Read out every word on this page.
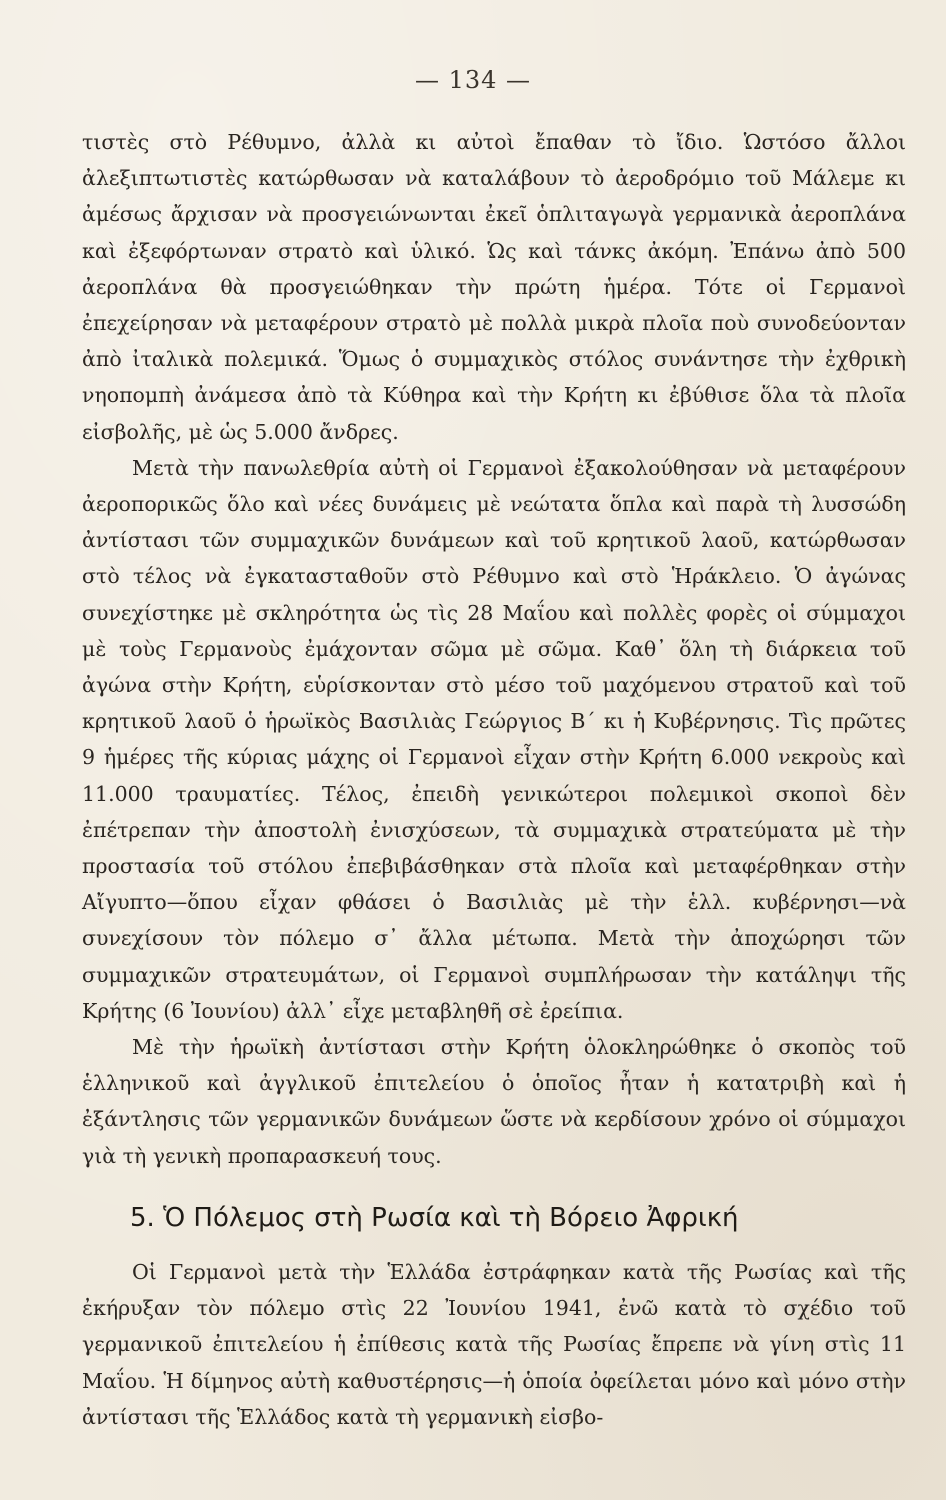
— 134 —

τιστὲς στὸ Ρέθυμνο, ἀλλὰ κι αὐτοὶ ἔπαθαν τὸ ἴδιο. Ὡστόσο ἄλλοι ἀλεξιπτωτιστὲς κατώρθωσαν νὰ καταλάβουν τὸ ἀεροδρόμιο τοῦ Μάλεμε κι ἀμέσως ἄρχισαν νὰ προσγειώνωνται ἐκεῖ ὁπλιταγωγὰ γερμανικὰ ἀεροπλάνα καὶ ἐξεφόρτωναν στρατὸ καὶ ὑλικό. Ὡς καὶ τάνκς ἀκόμη. Ἐπάνω ἀπὸ 500 ἀεροπλάνα θὰ προσγειώθηκαν τὴν πρώτη ἡμέρα. Τότε οἱ Γερμανοὶ ἐπεχείρησαν νὰ μεταφέρουν στρατὸ μὲ πολλὰ μικρὰ πλοῖα ποὺ συνοδεύονταν ἀπὸ ἰταλικὰ πολεμικά. Ὅμως ὁ συμμαχικὸς στόλος συνάντησε τὴν ἐχθρικὴ νηοπομπὴ ἀνάμεσα ἀπὸ τὰ Κύθηρα καὶ τὴν Κρήτη κι ἐβύθισε ὅλα τὰ πλοῖα εἰσβολῆς, μὲ ὡς 5.000 ἄνδρες.

Μετὰ τὴν πανωλεθρία αὐτὴ οἱ Γερμανοὶ ἐξακολούθησαν νὰ μεταφέρουν ἀεροπορικῶς ὅλο καὶ νέες δυνάμεις μὲ νεώτατα ὅπλα καὶ παρὰ τὴ λυσσώδη ἀντίστασι τῶν συμμαχικῶν δυνάμεων καὶ τοῦ κρητικοῦ λαοῦ, κατώρθωσαν στὸ τέλος νὰ ἐγκατασταθοῦν στὸ Ρέθυμνο καὶ στὸ Ἡράκλειο. Ὁ ἀγώνας συνεχίστηκε μὲ σκληρότητα ὡς τὶς 28 Μαΐου καὶ πολλὲς φορὲς οἱ σύμμαχοι μὲ τοὺς Γερμανοὺς ἐμάχονταν σῶμα μὲ σῶμα. Καθ᾽ ὅλη τὴ διάρκεια τοῦ ἀγώνα στὴν Κρήτη, εὑρίσκονταν στὸ μέσο τοῦ μαχόμενου στρατοῦ καὶ τοῦ κρητικοῦ λαοῦ ὁ ἡρωϊκὸς Βασιλιὰς Γεώργιος Β΄ κι ἡ Κυβέρνησις. Τὶς πρῶτες 9 ἡμέρες τῆς κύριας μάχης οἱ Γερμανοὶ εἶχαν στὴν Κρήτη 6.000 νεκροὺς καὶ 11.000 τραυματίες. Τέλος, ἐπειδὴ γενικώτεροι πολεμικοὶ σκοποὶ δὲν ἐπέτρεπαν τὴν ἀποστολὴ ἐνισχύσεων, τὰ συμμαχικὰ στρατεύματα μὲ τὴν προστασία τοῦ στόλου ἐπεβιβάσθηκαν στὰ πλοῖα καὶ μεταφέρθηκαν στὴν Αἴγυπτο—ὅπου εἶχαν φθάσει ὁ Βασιλιὰς μὲ τὴν ἑλλ. κυβέρνησι—νὰ συνεχίσουν τὸν πόλεμο σ᾽ ἄλλα μέτωπα. Μετὰ τὴν ἀποχώρησι τῶν συμμαχικῶν στρατευμάτων, οἱ Γερμανοὶ συμπλήρωσαν τὴν κατάληψι τῆς Κρήτης (6 Ἰουνίου) ἀλλ᾽ εἶχε μεταβληθῆ σὲ ἐρείπια.

Μὲ τὴν ἡρωϊκὴ ἀντίστασι στὴν Κρήτη ὁλοκληρώθηκε ὁ σκοπὸς τοῦ ἑλληνικοῦ καὶ ἀγγλικοῦ ἐπιτελείου ὁ ὁποῖος ἦταν ἡ κατατριβὴ καὶ ἡ ἐξάντλησις τῶν γερμανικῶν δυνάμεων ὥστε νὰ κερδίσουν χρόνο οἱ σύμμαχοι γιὰ τὴ γενικὴ προπαρασκευή τους.

5. Ὁ Πόλεμος στὴ Ρωσία καὶ τὴ Βόρειο Ἀφρική

Οἱ Γερμανοὶ μετὰ τὴν Ἑλλάδα ἐστράφηκαν κατὰ τῆς Ρωσίας καὶ τῆς ἐκήρυξαν τὸν πόλεμο στὶς 22 Ἰουνίου 1941, ἐνῶ κατὰ τὸ σχέδιο τοῦ γερμανικοῦ ἐπιτελείου ἡ ἐπίθεσις κατὰ τῆς Ρωσίας ἔπρεπε νὰ γίνη στὶς 11 Μαΐου. Ἡ δίμηνος αὐτὴ καθυστέρησις—ἡ ὁποία ὀφείλεται μόνο καὶ μόνο στὴν ἀντίστασι τῆς Ἑλλάδος κατὰ τὴ γερμανικὴ εἰσβο-
